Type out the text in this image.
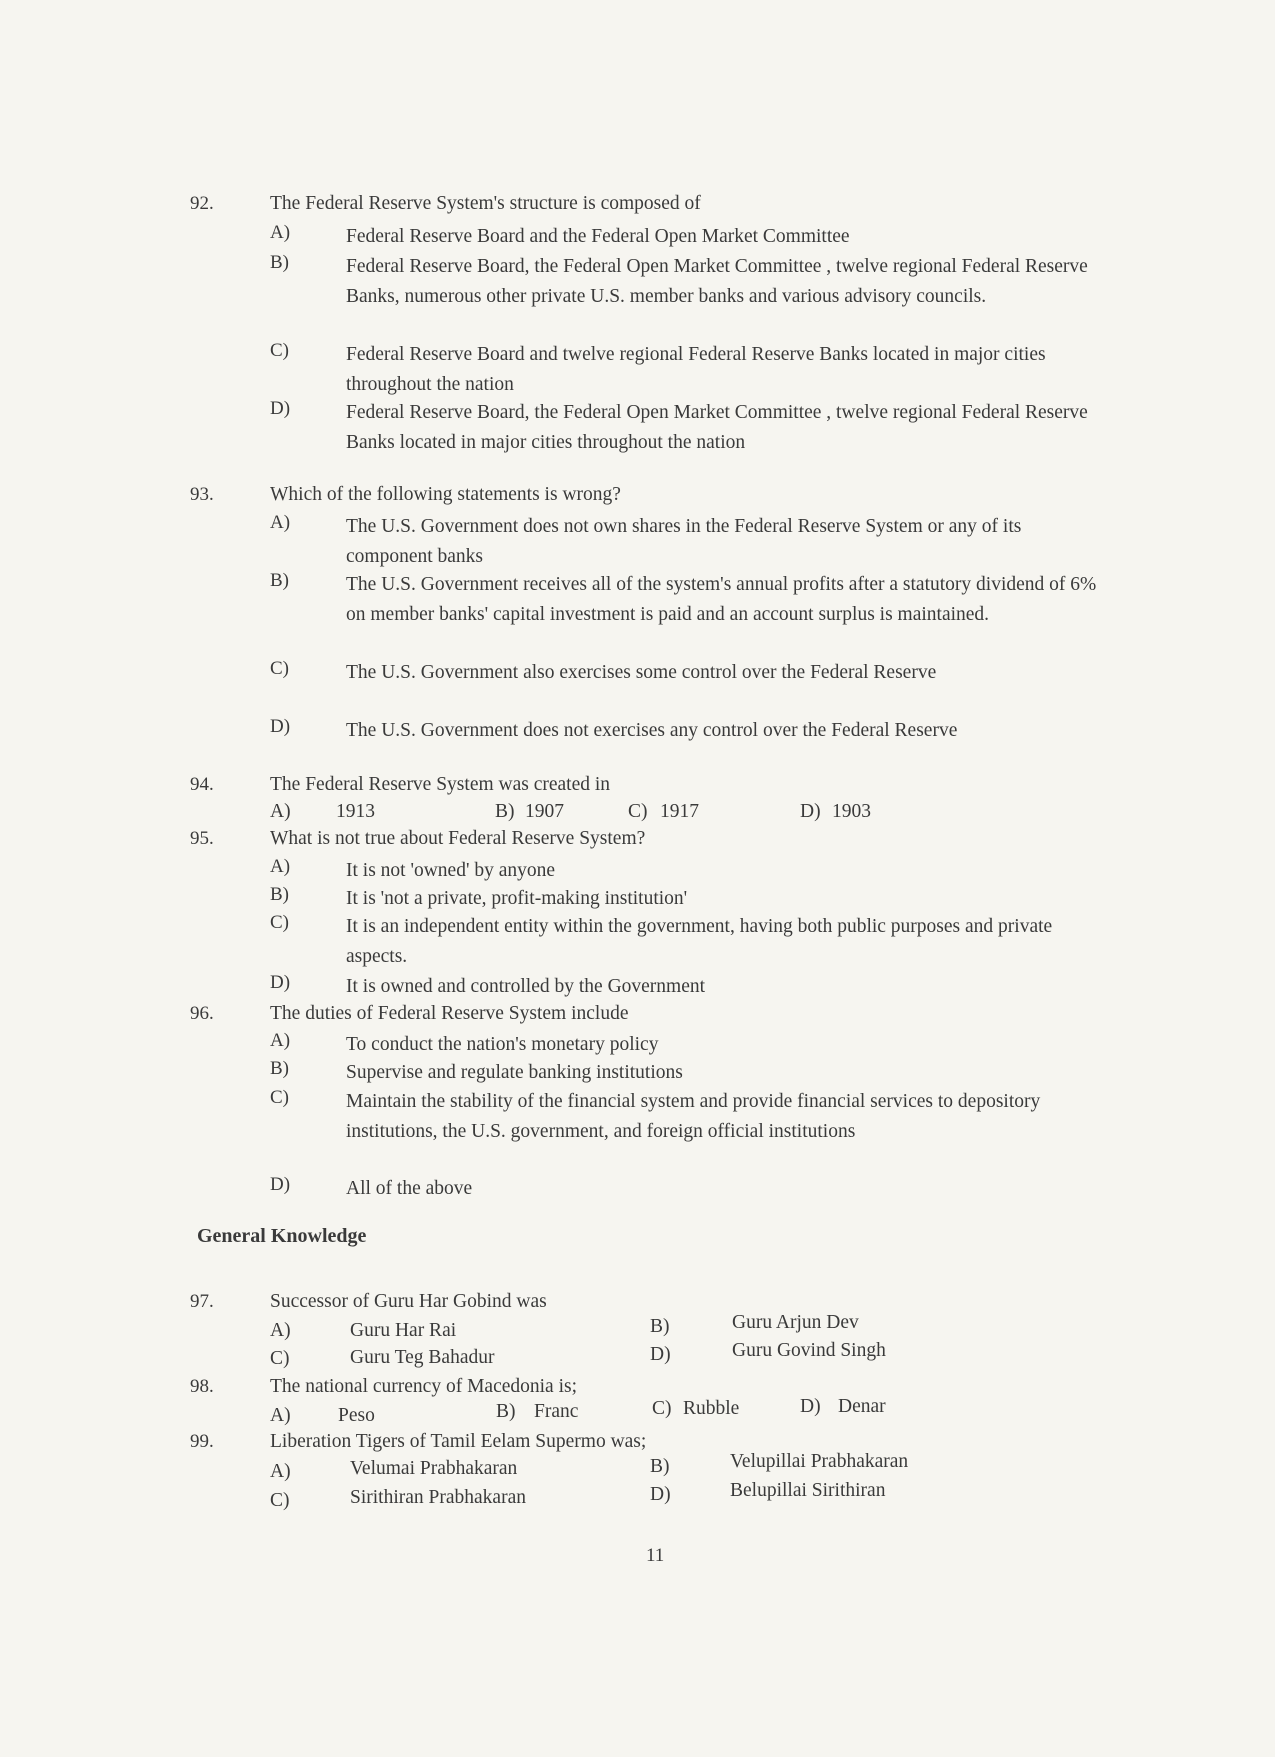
92.	The Federal Reserve System's structure is composed of
A)	Federal Reserve Board and the Federal Open Market Committee
B)	Federal Reserve Board, the Federal Open Market Committee , twelve regional Federal Reserve Banks, numerous other private U.S. member banks and various advisory councils.
C)	Federal Reserve Board and twelve regional Federal Reserve Banks located in major cities throughout the nation
D)	Federal Reserve Board, the Federal Open Market Committee , twelve regional Federal Reserve Banks located in major cities throughout the nation
93.	Which of the following statements is wrong?
A)	The U.S. Government does not own shares in the Federal Reserve System or any of its component banks
B)	The U.S. Government receives all of the system's annual profits after a statutory dividend of 6% on member banks' capital investment is paid and an account surplus is maintained.
C)	The U.S. Government also exercises some control over the Federal Reserve
D)	The U.S. Government does not exercises any control over the Federal Reserve
94.	The Federal Reserve System was created in
A) 1913	B) 1907	C) 1917	D) 1903
95.	What is not true about Federal Reserve System?
A)	It is not 'owned' by anyone
B)	It is 'not a private, profit-making institution'
C)	It is an independent entity within the government, having both public purposes and private aspects.
D)	It is owned and controlled by the Government
96.	The duties of Federal Reserve System include
A)	To conduct the nation's monetary policy
B)	Supervise and regulate banking institutions
C)	Maintain the stability of the financial system and provide financial services to depository institutions, the U.S. government, and foreign official institutions
D)	All of the above
General Knowledge
97.	Successor of Guru Har Gobind was
A)	Guru Har Rai	B)	Guru Arjun Dev
C)	Guru Teg Bahadur	D)	Guru Govind Singh
98.	The national currency of Macedonia is;
A) Peso	B) Franc	C) Rubble	D) Denar
99.	Liberation Tigers of Tamil Eelam Supermo was;
A)	Velumai Prabhakaran	B)	Velupillai Prabhakaran
C)	Sirithiran Prabhakaran	D)	Belupillai Sirithiran
11
